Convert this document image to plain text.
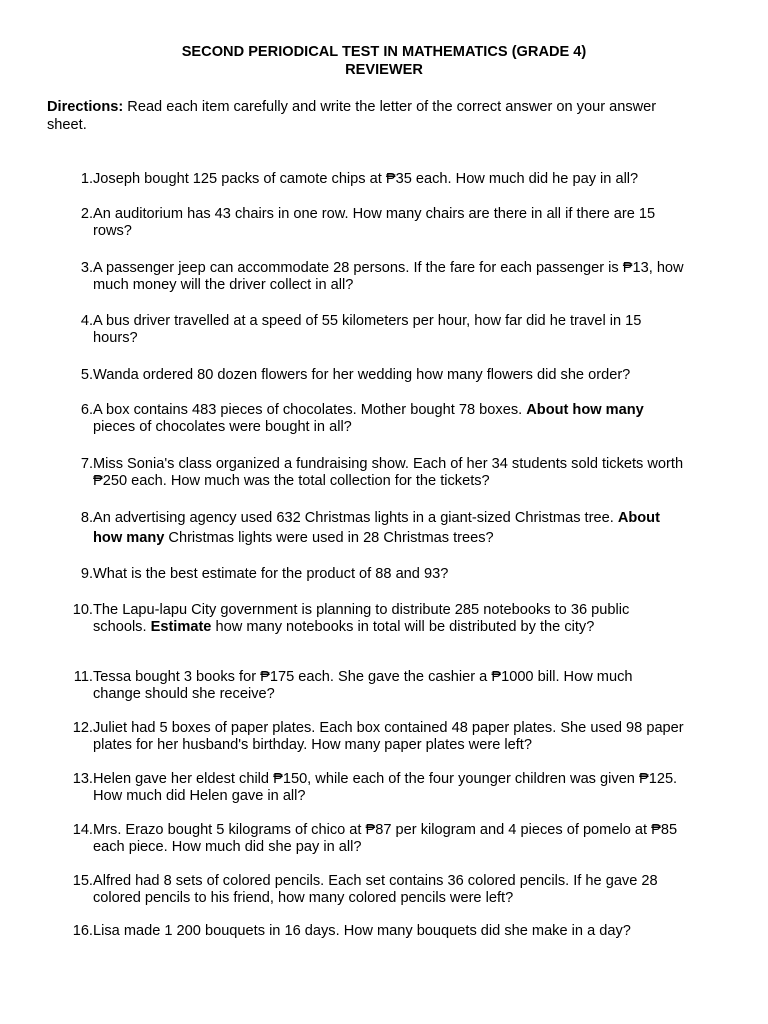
SECOND PERIODICAL TEST IN MATHEMATICS (GRADE 4)
REVIEWER
Directions: Read each item carefully and write the letter of the correct answer on your answer
sheet.
1. Joseph bought 125 packs of camote chips at ₱35 each. How much did he pay in all?
2. An auditorium has 43 chairs in one row. How many chairs are there in all if there are 15
rows?
3. A passenger jeep can accommodate 28 persons. If the fare for each passenger is ₱13, how
much money will the driver collect in all?
4. A bus driver travelled at a speed of 55 kilometers per hour, how far did he travel in 15
hours?
5. Wanda ordered 80 dozen flowers for her wedding how many flowers did she order?
6. A box contains 483 pieces of chocolates. Mother bought 78 boxes. About how many
pieces of chocolates were bought in all?
7. Miss Sonia's class organized a fundraising show. Each of her 34 students sold tickets worth
₱250 each. How much was the total collection for the tickets?
8. An advertising agency used 632 Christmas lights in a giant-sized Christmas tree. About
how many Christmas lights were used in 28 Christmas trees?
9. What is the best estimate for the product of 88 and 93?
10. The Lapu-lapu City government is planning to distribute 285 notebooks to 36 public
schools. Estimate how many notebooks in total will be distributed by the city?
11. Tessa bought 3 books for ₱175 each. She gave the cashier a ₱1000 bill. How much
change should she receive?
12. Juliet had 5 boxes of paper plates. Each box contained 48 paper plates. She used 98 paper
plates for her husband's birthday. How many paper plates were left?
13. Helen gave her eldest child ₱150, while each of the four younger children was given ₱125.
How much did Helen gave in all?
14. Mrs. Erazo bought 5 kilograms of chico at ₱87 per kilogram and 4 pieces of pomelo at ₱85
each piece. How much did she pay in all?
15. Alfred had 8 sets of colored pencils. Each set contains 36 colored pencils. If he gave 28
colored pencils to his friend, how many colored pencils were left?
16. Lisa made 1 200 bouquets in 16 days. How many bouquets did she make in a day?
